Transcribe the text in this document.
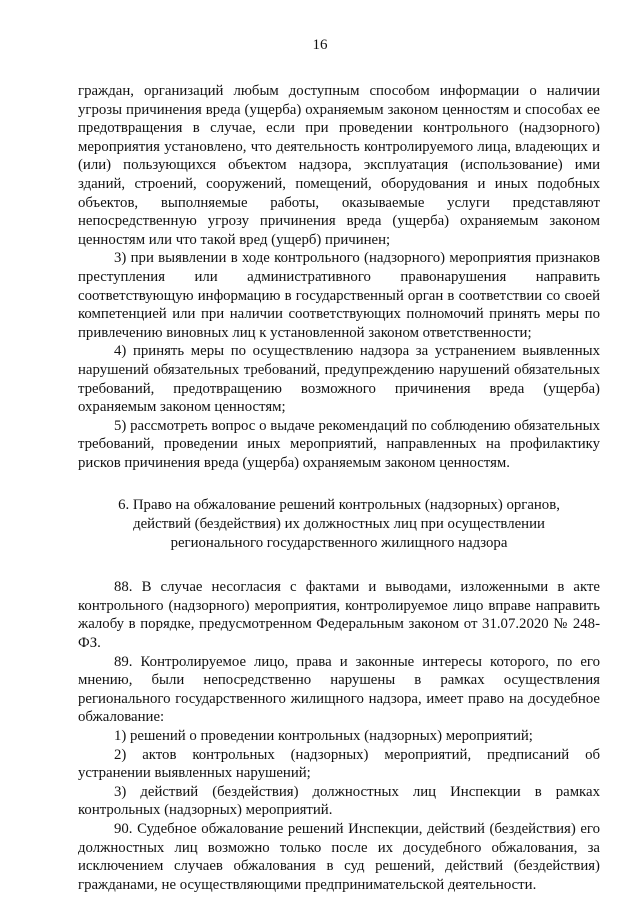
16

граждан, организаций любым доступным способом информации о наличии угрозы причинения вреда (ущерба) охраняемым законом ценностям и способах ее предотвращения в случае, если при проведении контрольного (надзорного) мероприятия установлено, что деятельность контролируемого лица, владеющих и (или) пользующихся объектом надзора, эксплуатация (использование) ими зданий, строений, сооружений, помещений, оборудования и иных подобных объектов, выполняемые работы, оказываемые услуги представляют непосредственную угрозу причинения вреда (ущерба) охраняемым законом ценностям или что такой вред (ущерб) причинен;

3) при выявлении в ходе контрольного (надзорного) мероприятия признаков преступления или административного правонарушения направить соответствующую информацию в государственный орган в соответствии со своей компетенцией или при наличии соответствующих полномочий принять меры по привлечению виновных лиц к установленной законом ответственности;

4) принять меры по осуществлению надзора за устранением выявленных нарушений обязательных требований, предупреждению нарушений обязательных требований, предотвращению возможного причинения вреда (ущерба) охраняемым законом ценностям;

5) рассмотреть вопрос о выдаче рекомендаций по соблюдению обязательных требований, проведении иных мероприятий, направленных на профилактику рисков причинения вреда (ущерба) охраняемым законом ценностям.

6. Право на обжалование решений контрольных (надзорных) органов,
действий (бездействия) их должностных лиц при осуществлении
регионального государственного жилищного надзора

88. В случае несогласия с фактами и выводами, изложенными в акте контрольного (надзорного) мероприятия, контролируемое лицо вправе направить жалобу в порядке, предусмотренном Федеральным законом от 31.07.2020 № 248-ФЗ.

89. Контролируемое лицо, права и законные интересы которого, по его мнению, были непосредственно нарушены в рамках осуществления регионального государственного жилищного надзора, имеет право на досудебное обжалование:

1) решений о проведении контрольных (надзорных) мероприятий;

2) актов контрольных (надзорных) мероприятий, предписаний об устранении выявленных нарушений;

3) действий (бездействия) должностных лиц Инспекции в рамках контрольных (надзорных) мероприятий.

90. Судебное обжалование решений Инспекции, действий (бездействия) его должностных лиц возможно только после их досудебного обжалования, за исключением случаев обжалования в суд решений, действий (бездействия) гражданами, не осуществляющими предпринимательской деятельности.
